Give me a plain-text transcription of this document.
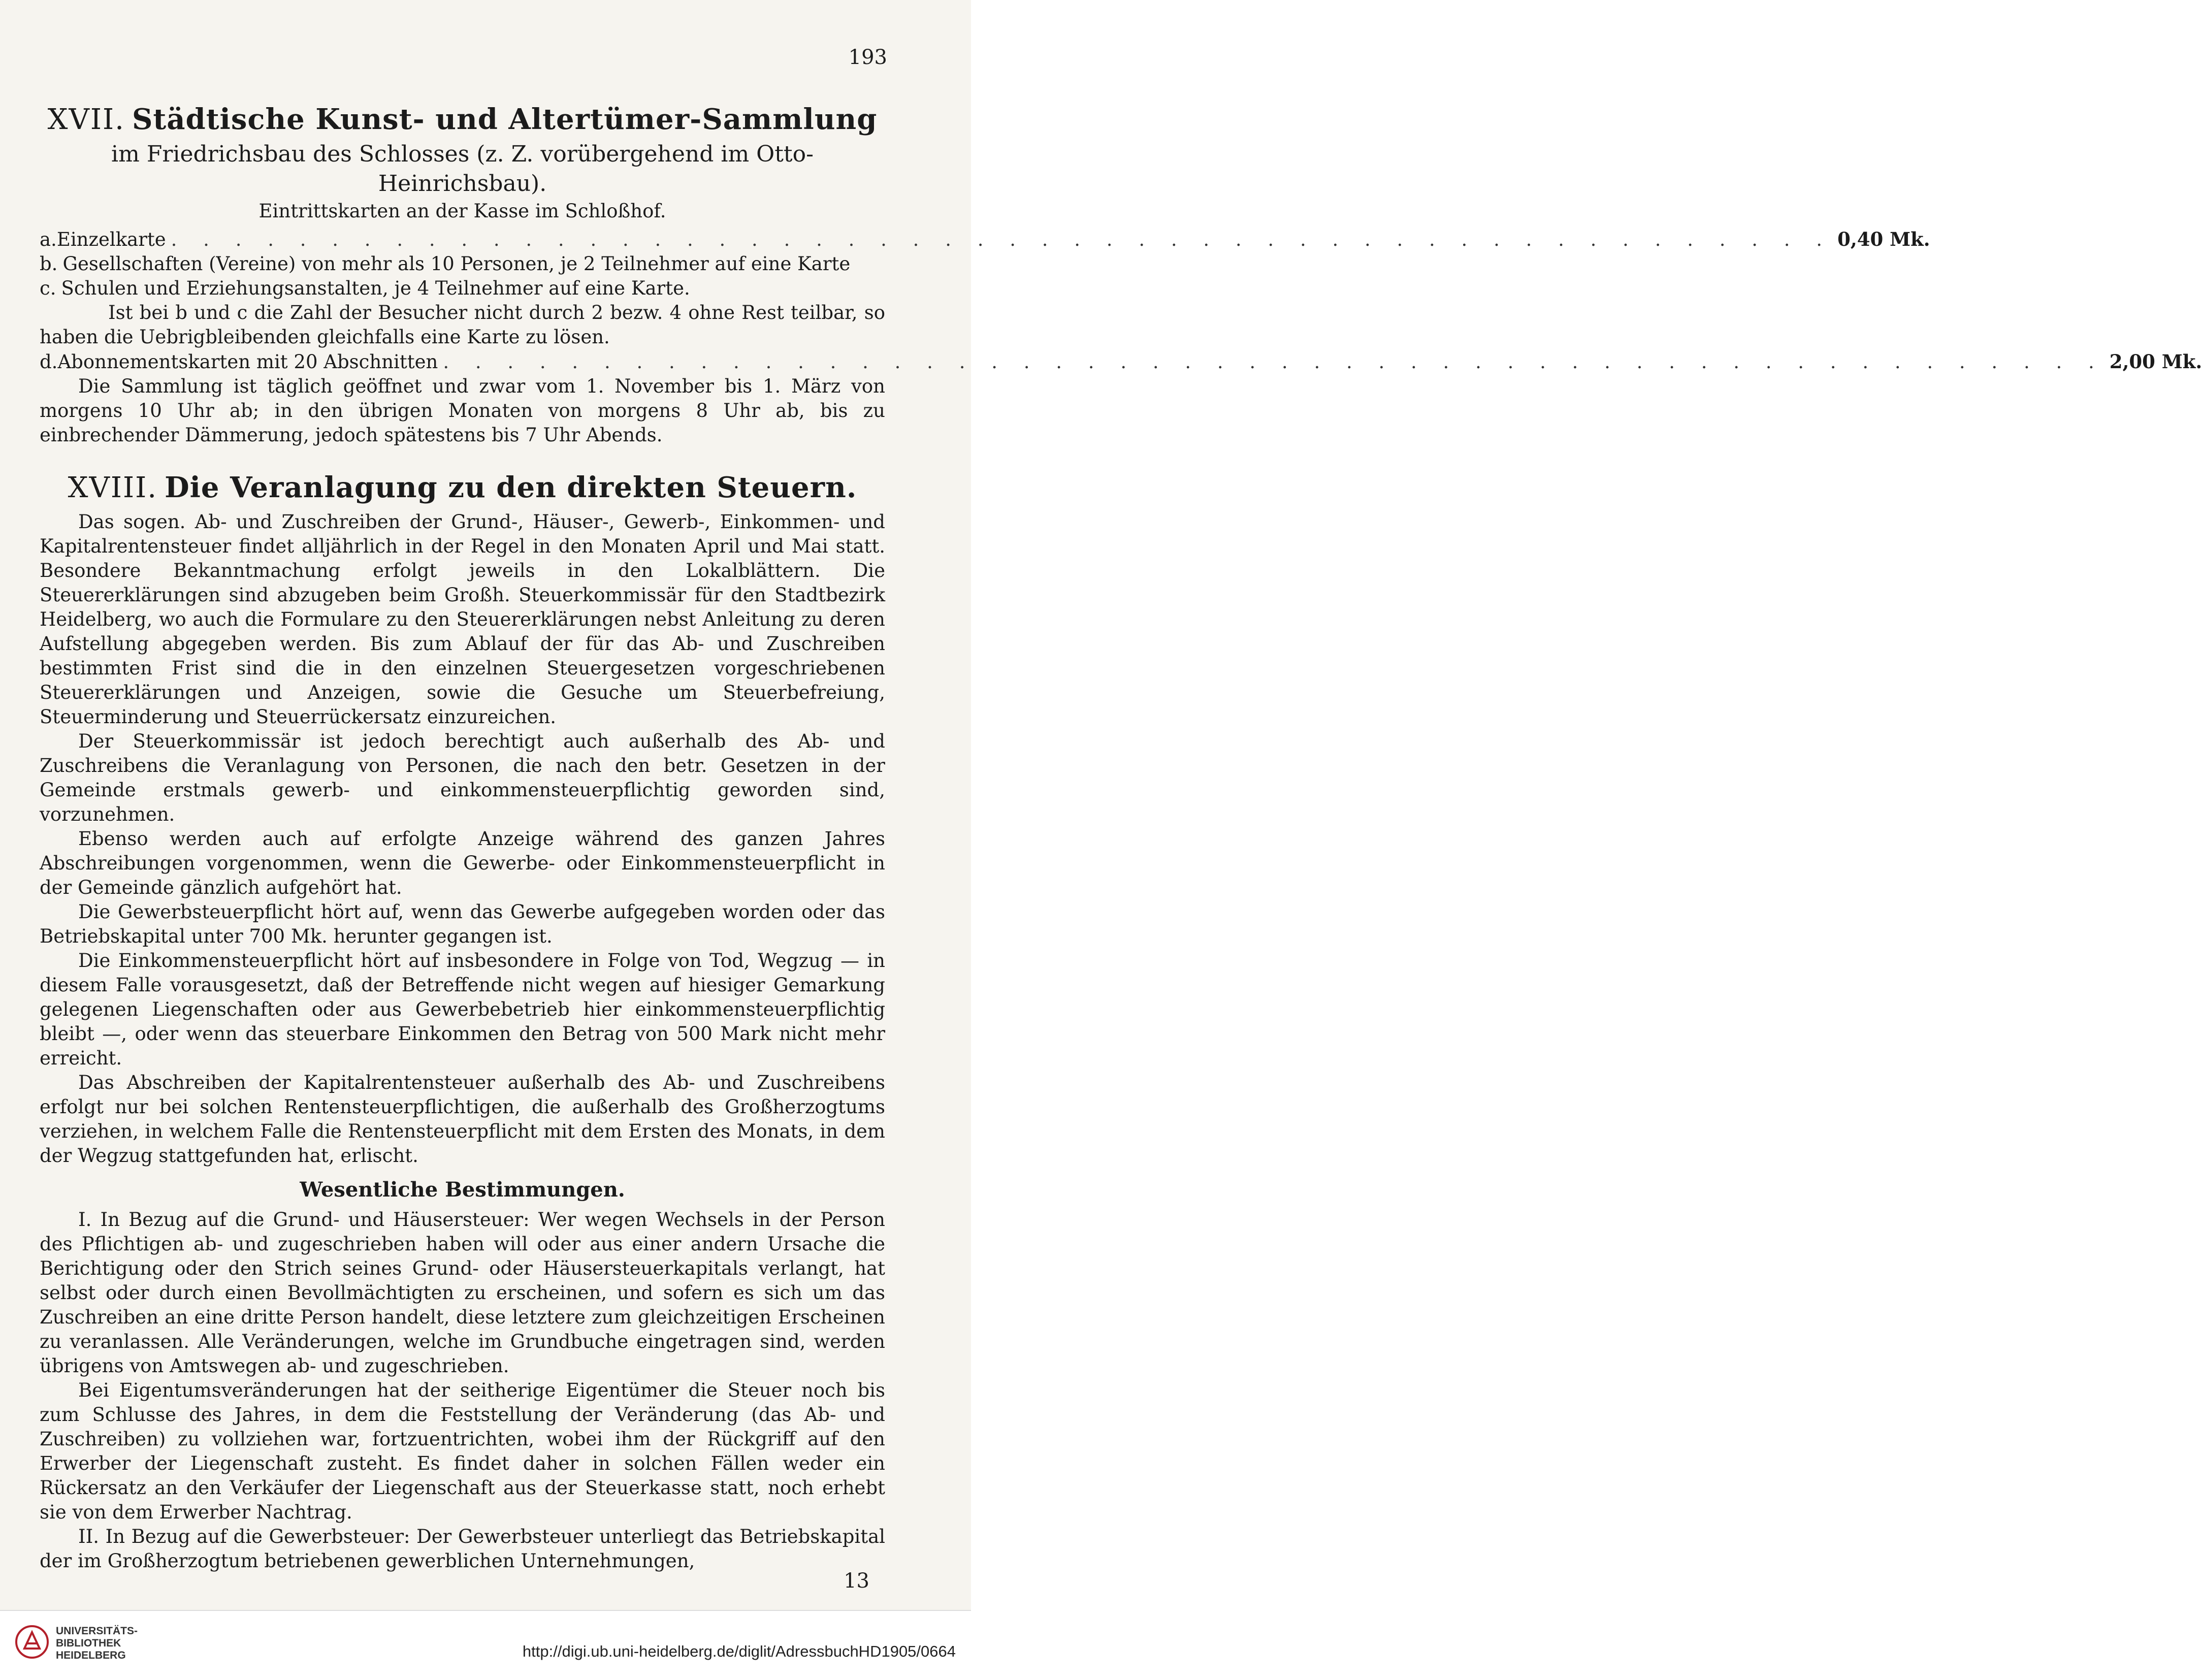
193
XVII. Städtische Kunst- und Altertümer-Sammlung

im Friedrichsbau des Schlosses (z. Z. vorübergehend im Otto-Heinrichsbau).

Eintrittskarten an der Kasse im Schloßhof.

a.Einzelkarte . . . . . . . . . . . . . . . . . . . . . . . . . . . . . . . . . . . . . . . . . . . . . . . . . . . . 0,40 Mk.

b. Gesellschaften (Vereine) von mehr als 10 Personen, je 2 Teilnehmer auf eine Karte

c. Schulen und Erziehungsanstalten, je 4 Teilnehmer auf eine Karte.

Ist bei b und c die Zahl der Besucher nicht durch 2 bezw. 4 ohne Rest teilbar, so haben die Uebrigbleibenden gleichfalls eine Karte zu lösen.

d.Abonnementskarten mit 20 Abschnitten . . . . . . . . . . . . . . . . . . . . . . . . . . . . . . . . . . . . . . . . . . . . . . . . . . . . 2,00 Mk.

Die Sammlung ist täglich geöffnet und zwar vom 1. November bis 1. März von morgens 10 Uhr ab; in den übrigen Monaten von morgens 8 Uhr ab, bis zu einbrechender Dämmerung, jedoch spätestens bis 7 Uhr Abends.

XVIII. Die Veranlagung zu den direkten Steuern.

Das sogen. Ab- und Zuschreiben der Grund-, Häuser-, Gewerb-, Einkommen- und Kapitalrentensteuer findet alljährlich in der Regel in den Monaten April und Mai statt. Besondere Bekanntmachung erfolgt jeweils in den Lokalblättern. Die Steuererklärungen sind abzugeben beim Großh. Steuerkommissär für den Stadtbezirk Heidelberg, wo auch die Formulare zu den Steuererklärungen nebst Anleitung zu deren Aufstellung abgegeben werden. Bis zum Ablauf der für das Ab- und Zuschreiben bestimmten Frist sind die in den einzelnen Steuergesetzen vorgeschriebenen Steuererklärungen und Anzeigen, sowie die Gesuche um Steuerbefreiung, Steuerminderung und Steuerrückersatz einzureichen.

Der Steuerkommissär ist jedoch berechtigt auch außerhalb des Ab- und Zuschreibens die Veranlagung von Personen, die nach den betr. Gesetzen in der Gemeinde erstmals gewerb- und einkommensteuerpflichtig geworden sind, vorzunehmen.

Ebenso werden auch auf erfolgte Anzeige während des ganzen Jahres Abschreibungen vorgenommen, wenn die Gewerbe- oder Einkommensteuerpflicht in der Gemeinde gänzlich aufgehört hat.

Die Gewerbsteuerpflicht hört auf, wenn das Gewerbe aufgegeben worden oder das Betriebskapital unter 700 Mk. herunter gegangen ist.

Die Einkommensteuerpflicht hört auf insbesondere in Folge von Tod, Wegzug — in diesem Falle vorausgesetzt, daß der Betreffende nicht wegen auf hiesiger Gemarkung gelegenen Liegenschaften oder aus Gewerbebetrieb hier einkommensteuerpflichtig bleibt —, oder wenn das steuerbare Einkommen den Betrag von 500 Mark nicht mehr erreicht.

Das Abschreiben der Kapitalrentensteuer außerhalb des Ab- und Zuschreibens erfolgt nur bei solchen Rentensteuerpflichtigen, die außerhalb des Großherzogtums verziehen, in welchem Falle die Rentensteuerpflicht mit dem Ersten des Monats, in dem der Wegzug stattgefunden hat, erlischt.

Wesentliche Bestimmungen.

I. In Bezug auf die Grund- und Häusersteuer: Wer wegen Wechsels in der Person des Pflichtigen ab- und zugeschrieben haben will oder aus einer andern Ursache die Berichtigung oder den Strich seines Grund- oder Häusersteuerkapitals verlangt, hat selbst oder durch einen Bevollmächtigten zu erscheinen, und sofern es sich um das Zuschreiben an eine dritte Person handelt, diese letztere zum gleichzeitigen Erscheinen zu veranlassen. Alle Veränderungen, welche im Grundbuche eingetragen sind, werden übrigens von Amtswegen ab- und zugeschrieben.

Bei Eigentumsveränderungen hat der seitherige Eigentümer die Steuer noch bis zum Schlusse des Jahres, in dem die Feststellung der Veränderung (das Ab- und Zuschreiben) zu vollziehen war, fortzuentrichten, wobei ihm der Rückgriff auf den Erwerber der Liegenschaft zusteht. Es findet daher in solchen Fällen weder ein Rückersatz an den Verkäufer der Liegenschaft aus der Steuerkasse statt, noch erhebt sie von dem Erwerber Nachtrag.

II. In Bezug auf die Gewerbsteuer: Der Gewerbsteuer unterliegt das Betriebskapital der im Großherzogtum betriebenen gewerblichen Unternehmungen,

13
UNIVERSITÄTS-
BIBLIOTHEK
HEIDELBERG	http://digi.ub.uni-heidelberg.de/diglit/AdressbuchHD1905/0664
